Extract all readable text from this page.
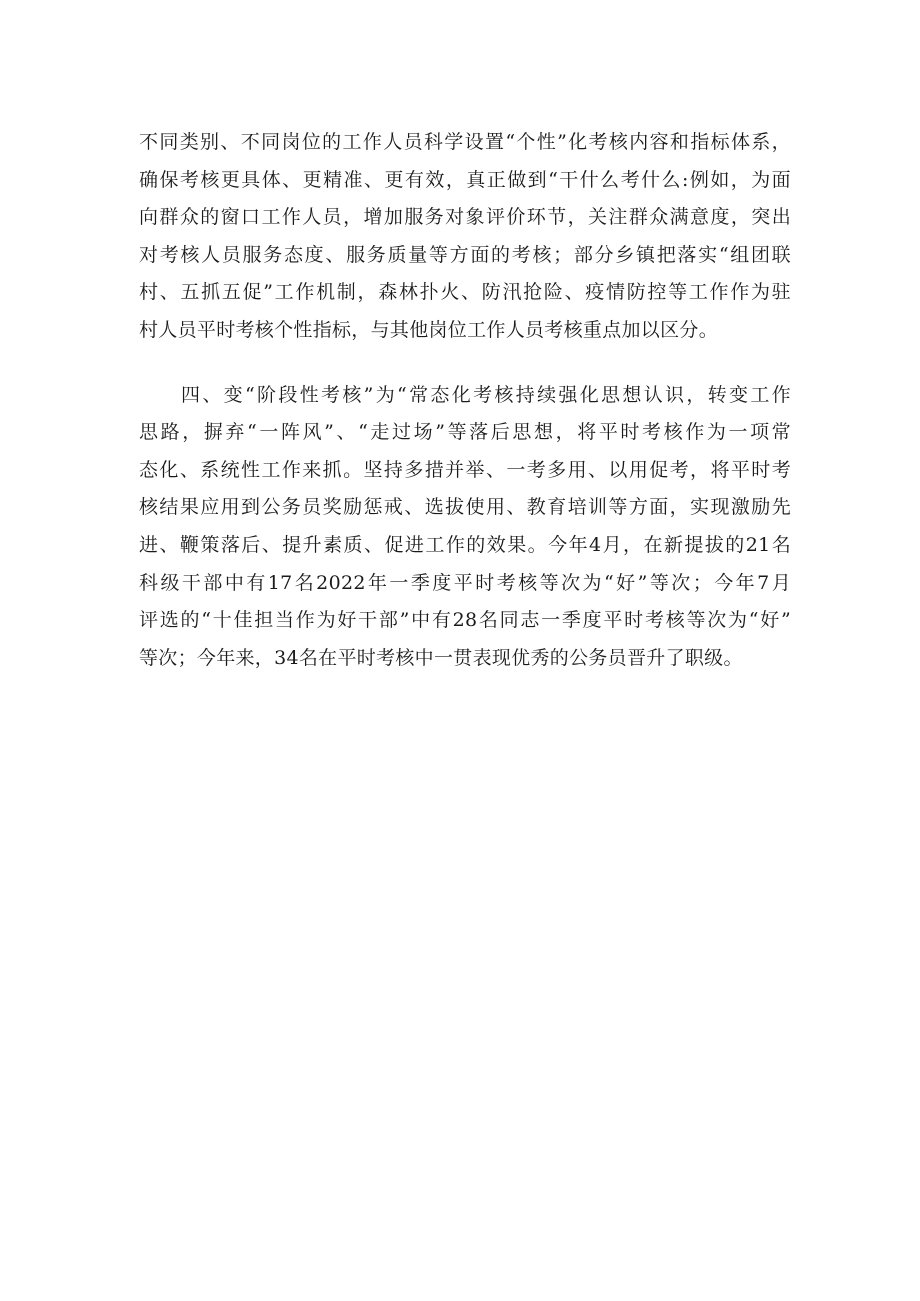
不同类别、不同岗位的工作人员科学设置“个性”化考核内容和指标体系，
确保考核更具体、更精准、更有效，真正做到“干什么考什么:例如，为面
向群众的窗口工作人员，增加服务对象评价环节，关注群众满意度，突出
对考核人员服务态度、服务质量等方面的考核；部分乡镇把落实“组团联
村、五抓五促”工作机制，森林扑火、防汛抢险、疫情防控等工作作为驻
村人员平时考核个性指标，与其他岗位工作人员考核重点加以区分。
四、变“阶段性考核”为“常态化考核持续强化思想认识，转变工作
思路，摒弃“一阵风”、“走过场”等落后思想，将平时考核作为一项常
态化、系统性工作来抓。坚持多措并举、一考多用、以用促考，将平时考
核结果应用到公务员奖励惩戒、选拔使用、教育培训等方面，实现激励先
进、鞭策落后、提升素质、促进工作的效果。今年4月，在新提拔的21名
科级干部中有17名2022年一季度平时考核等次为“好”等次；今年7月
评选的“十佳担当作为好干部”中有28名同志一季度平时考核等次为“好”
等次；今年来，34名在平时考核中一贯表现优秀的公务员晋升了职级。
